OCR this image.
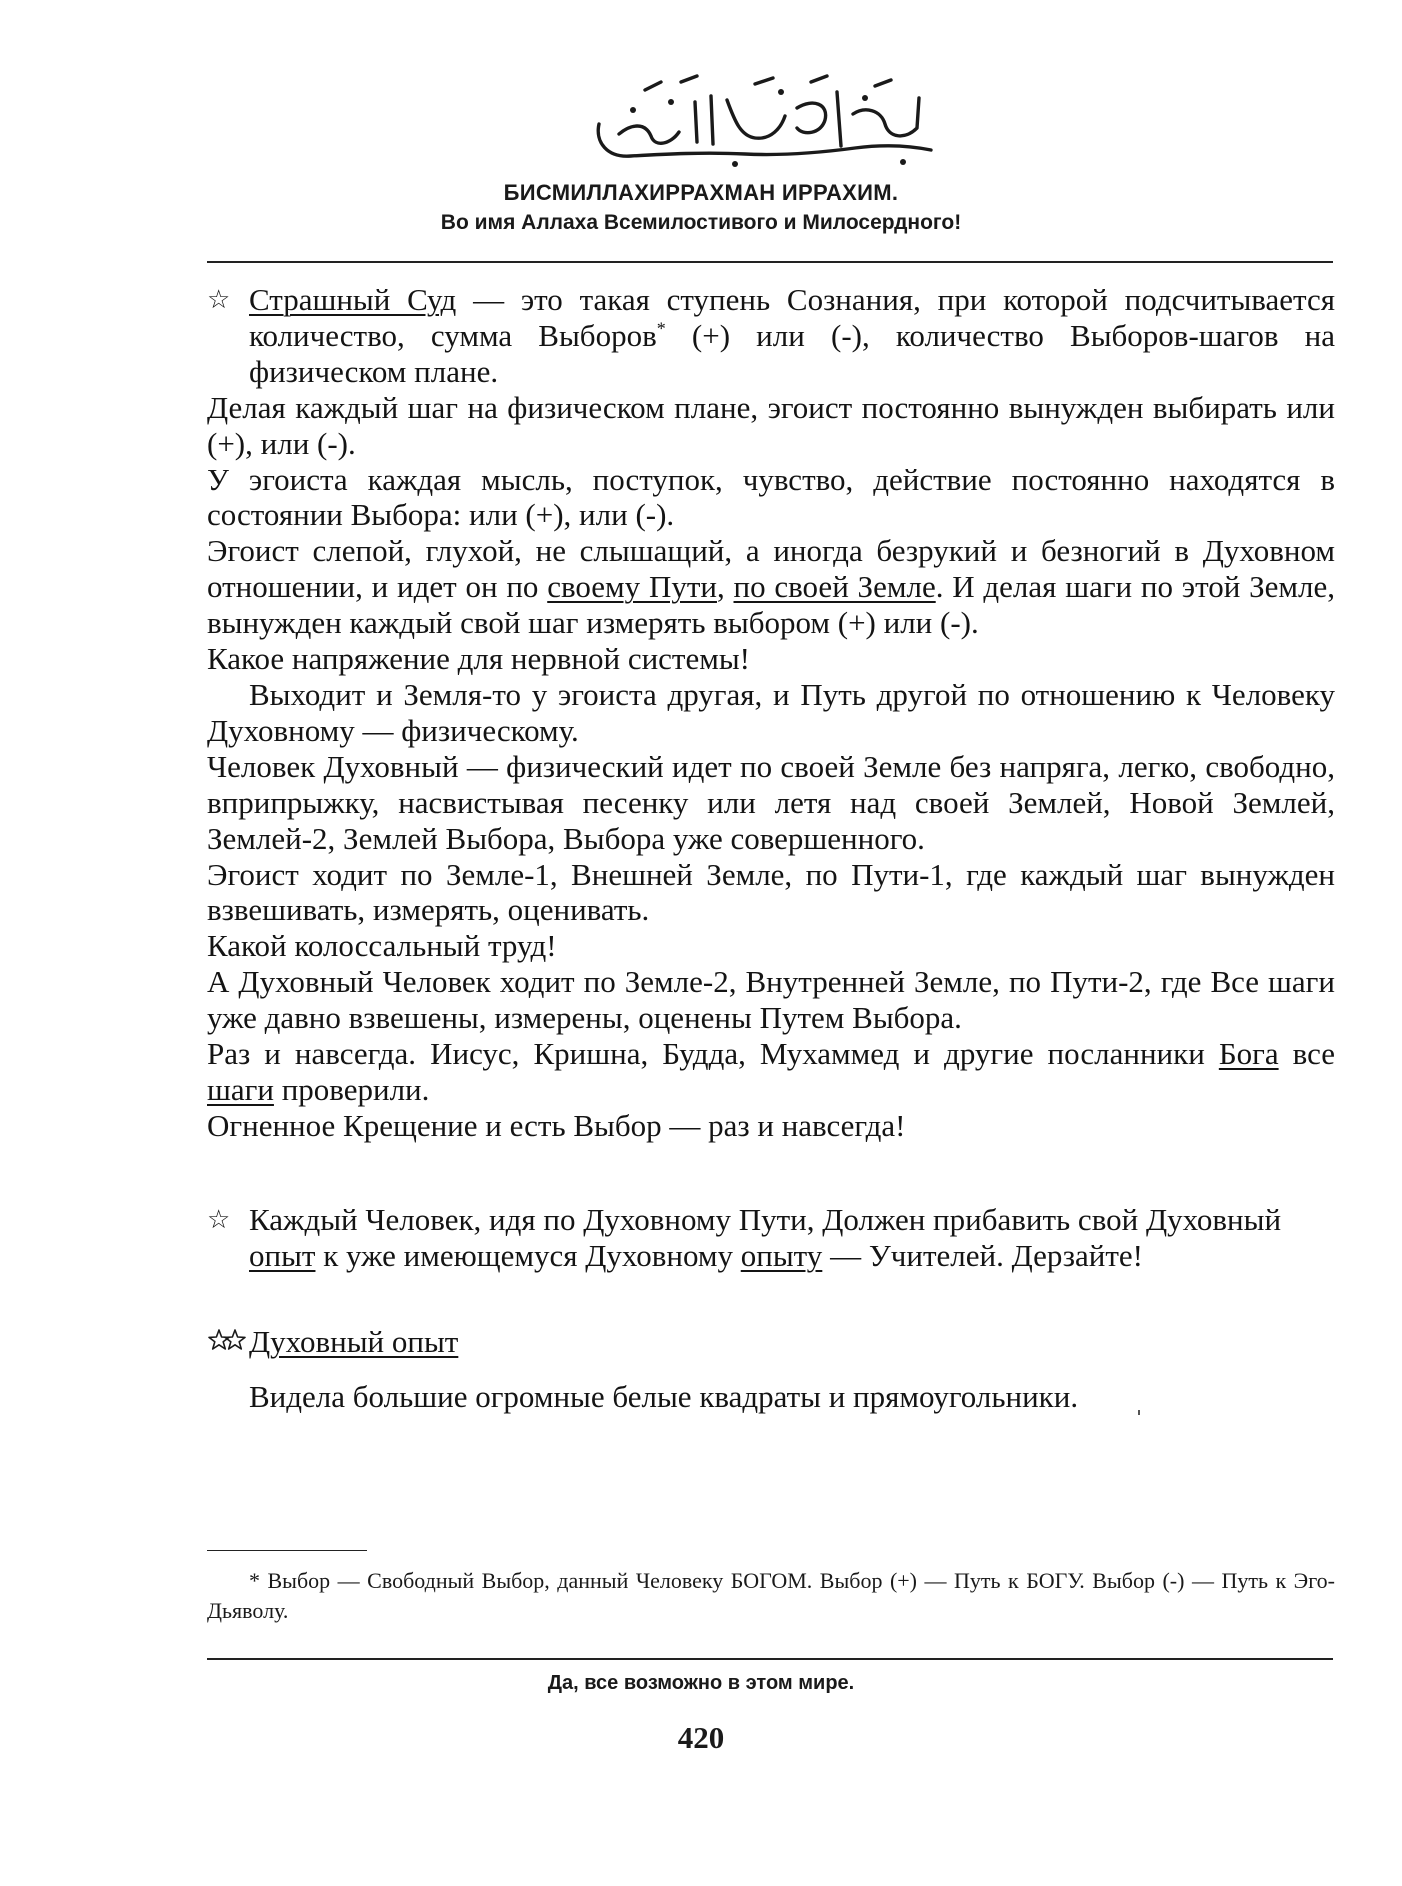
БИСМИЛЛАХИРРАХМАН ИРРАХИМ.
Во имя Аллаха Всемилостивого и Милосердного!

☆ Страшный Суд — это такая ступень Сознания, при которой подсчитывается количество, сумма Выборов* (+) или (-), количество Выборов-шагов на физическом плане.

Делая каждый шаг на физическом плане, эгоист постоянно вынужден выбирать или (+), или (-).

У эгоиста каждая мысль, поступок, чувство, действие постоянно находятся в состоянии Выбора: или (+), или (-).

Эгоист слепой, глухой, не слышащий, а иногда безрукий и безногий в Духовном отношении, и идет он по своему Пути, по своей Земле. И делая шаги по этой Земле, вынужден каждый свой шаг измерять выбором (+) или (-).

Какое напряжение для нервной системы!

Выходит и Земля-то у эгоиста другая, и Путь другой по отношению к Человеку Духовному — физическому.

Человек Духовный — физический идет по своей Земле без напряга, легко, свободно, вприпрыжку, насвистывая песенку или летя над своей Землей, Новой Землей, Землей-2, Землей Выбора, Выбора уже совершенного.

Эгоист ходит по Земле-1, Внешней Земле, по Пути-1, где каждый шаг вынужден взвешивать, измерять, оценивать.

Какой колоссальный труд!

А Духовный Человек ходит по Земле-2, Внутренней Земле, по Пути-2, где Все шаги уже давно взвешены, измерены, оценены Путем Выбора.

Раз и навсегда. Иисус, Кришна, Будда, Мухаммед и другие посланники Бога все шаги проверили.

Огненное Крещение и есть Выбор — раз и навсегда!

☆ Каждый Человек, идя по Духовному Пути, Должен прибавить свой Духовный опыт к уже имеющемуся Духовному опыту — Учителей. Дерзайте!

Духовный опыт

Видела большие огромные белые квадраты и прямоугольники.

* Выбор — Свободный Выбор, данный Человеку БОГОМ. Выбор (+) — Путь к БОГУ. Выбор (-) — Путь к Эго-Дьяволу.

Да, все возможно в этом мире.
420
